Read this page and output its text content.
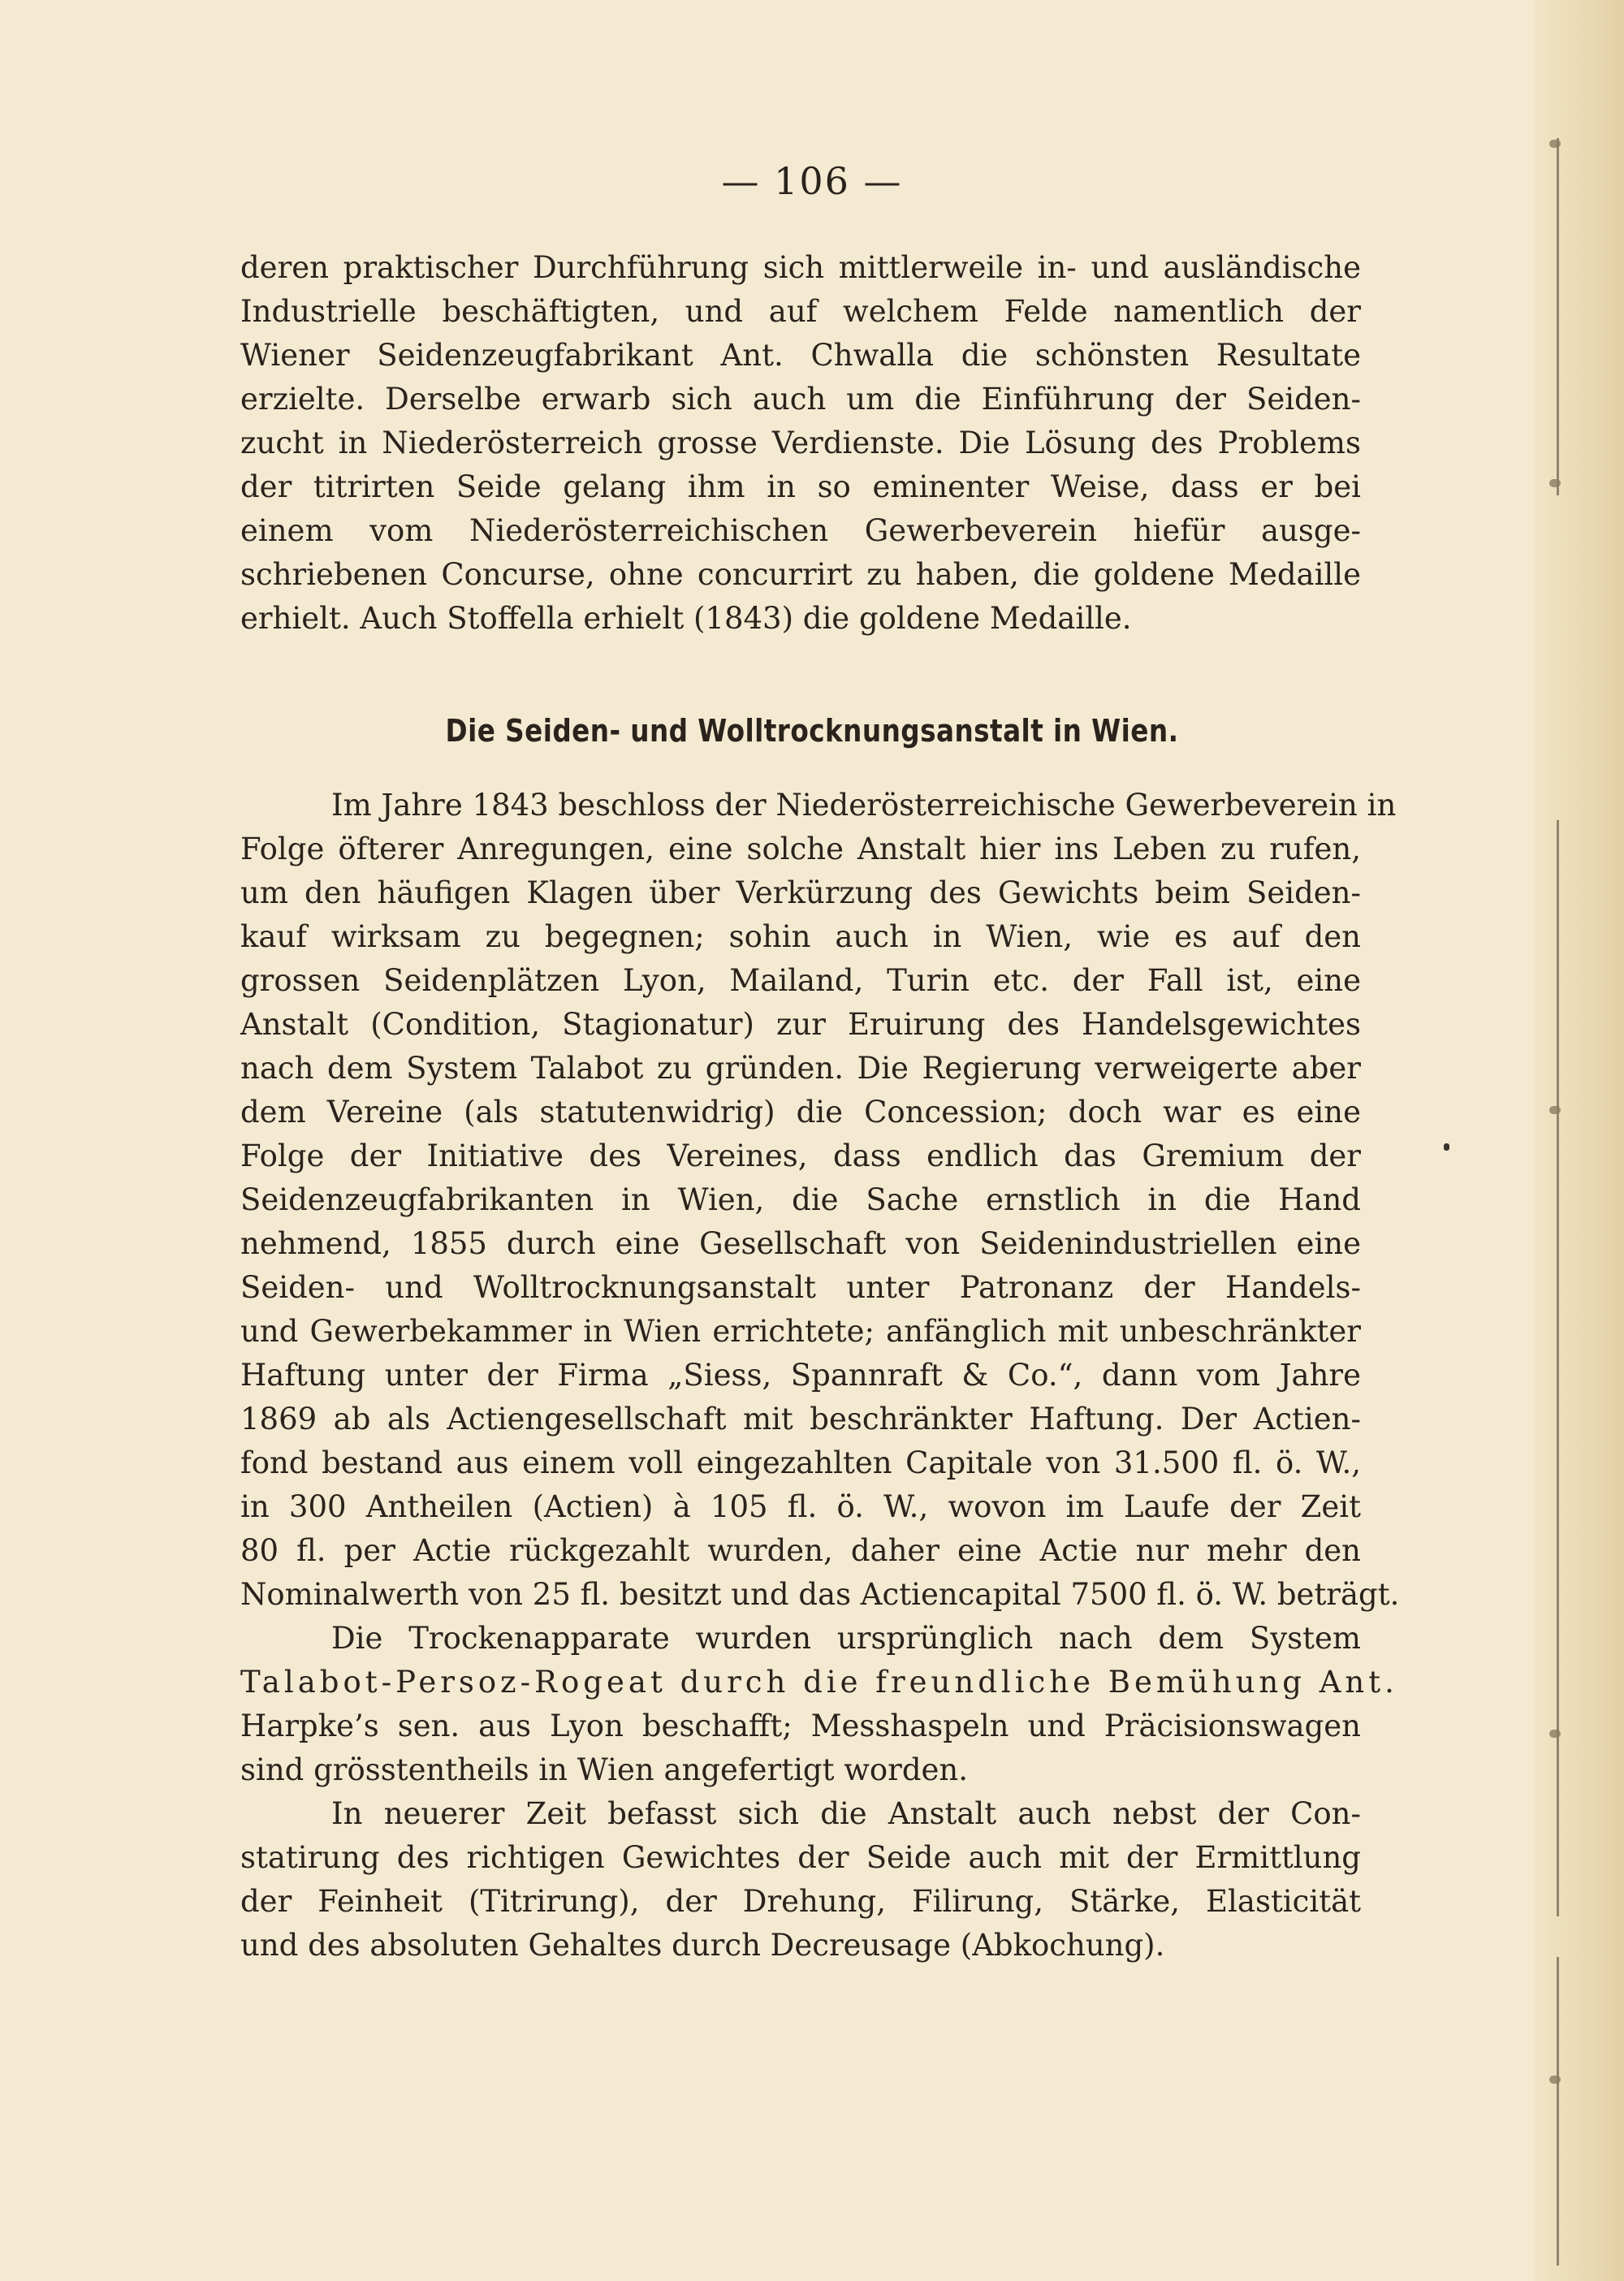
— 106 —
deren praktischer Durchführung sich mittlerweile in- und ausländische
Industrielle beschäftigten, und auf welchem Felde namentlich der
Wiener Seidenzeugfabrikant Ant. Chwalla die schönsten Resultate
erzielte. Derselbe erwarb sich auch um die Einführung der Seiden-
zucht in Niederösterreich grosse Verdienste. Die Lösung des Problems
der titrirten Seide gelang ihm in so eminenter Weise, dass er bei
einem vom Niederösterreichischen Gewerbeverein hiefür ausge-
schriebenen Concurse, ohne concurrirt zu haben, die goldene Medaille
erhielt. Auch Stoffella erhielt (1843) die goldene Medaille.
Die Seiden- und Wolltrocknungsanstalt in Wien.
Im Jahre 1843 beschloss der Niederösterreichische Gewerbeverein in
Folge öfterer Anregungen, eine solche Anstalt hier ins Leben zu rufen,
um den häufigen Klagen über Verkürzung des Gewichts beim Seiden-
kauf wirksam zu begegnen; sohin auch in Wien, wie es auf den
grossen Seidenplätzen Lyon, Mailand, Turin etc. der Fall ist, eine
Anstalt (Condition, Stagionatur) zur Eruirung des Handelsgewichtes
nach dem System Talabot zu gründen. Die Regierung verweigerte aber
dem Vereine (als statutenwidrig) die Concession; doch war es eine
Folge der Initiative des Vereines, dass endlich das Gremium der
Seidenzeugfabrikanten in Wien, die Sache ernstlich in die Hand
nehmend, 1855 durch eine Gesellschaft von Seidenindustriellen eine
Seiden- und Wolltrocknungsanstalt unter Patronanz der Handels-
und Gewerbekammer in Wien errichtete; anfänglich mit unbeschränkter
Haftung unter der Firma „Siess, Spannraft & Co.“, dann vom Jahre
1869 ab als Actiengesellschaft mit beschränkter Haftung. Der Actien-
fond bestand aus einem voll eingezahlten Capitale von 31.500 fl. ö. W.,
in 300 Antheilen (Actien) à 105 fl. ö. W., wovon im Laufe der Zeit
80 fl. per Actie rückgezahlt wurden, daher eine Actie nur mehr den
Nominalwerth von 25 fl. besitzt und das Actiencapital 7500 fl. ö. W. beträgt.
Die Trockenapparate wurden ursprünglich nach dem System
Talabot-Persoz-Rogeat durch die freundliche Bemühung Ant.
Harpke’s sen. aus Lyon beschafft; Messhaspeln und Präcisionswagen
sind grösstentheils in Wien angefertigt worden.
In neuerer Zeit befasst sich die Anstalt auch nebst der Con-
statirung des richtigen Gewichtes der Seide auch mit der Ermittlung
der Feinheit (Titrirung), der Drehung, Filirung, Stärke, Elasticität
und des absoluten Gehaltes durch Decreusage (Abkochung).
